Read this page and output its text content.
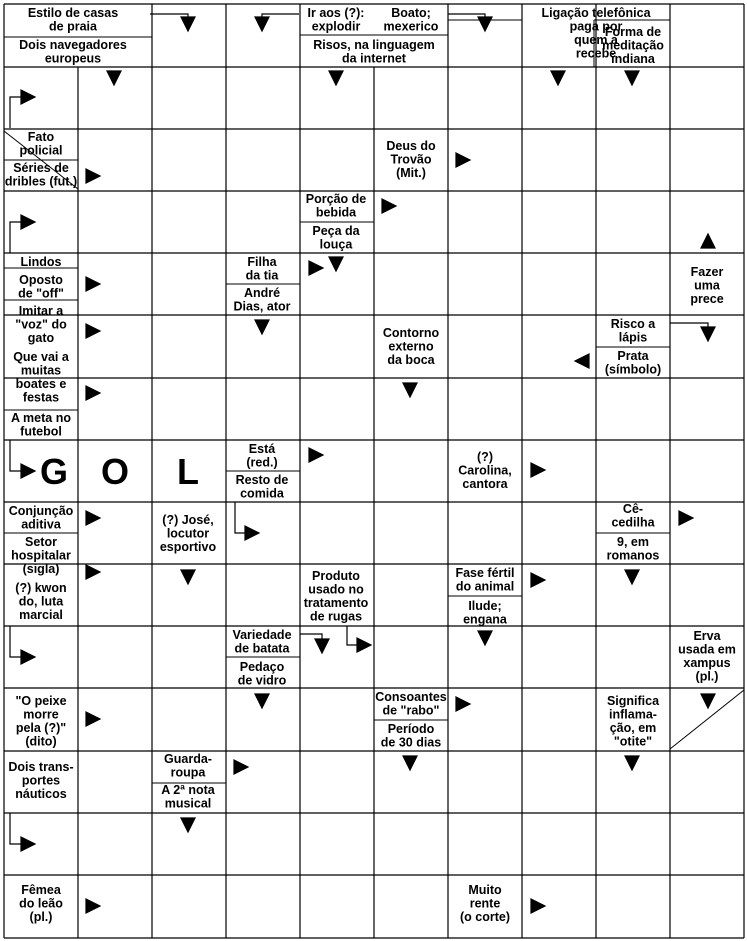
Estilo de casas de praia
Dois navegadores europeus
Ir aos (?): explodir
Boato; mexerico
Risos, na linguagem da internet
Ligação telefônica paga por quem a recebe
Forma de meditação indiana
Fato policial
Séries de dribles (fut.)
Deus do Trovão (Mit.)
Porção de bebida
Peça da louça
Lindos
Oposto de "off"
Filha da tia
André Dias, ator
Fazer uma prece
Imitar a "voz" do gato	Contorno externo da boca
Risco a lápis
Prata (símbolo)
Que vai a muitas boates e festas
A meta no futebol
Está (red.)
Resto de comida
(?) Carolina, cantora
Conjunção aditiva	(?) José, locutor esportivo
Cê-cedilha
Setor hospitalar (sigla)
9, em romanos
Produto usado no tratamento de rugas
Fase fértil do animal
(?) kwon do, luta marcial
Ilude; engana
Variedade de batata
Pedaço de vidro
Erva usada em xampus (pl.)
"O peixe morre pela (?)" (dito)
Consoantes de "rabo"
Período de 30 dias
Significa inflama-ção, em "otite"
Dois trans-portes náuticos
Guarda-roupa
A 2ª nota musical
Fêmea do leão (pl.)
Muito rente (o corte)
G O L
